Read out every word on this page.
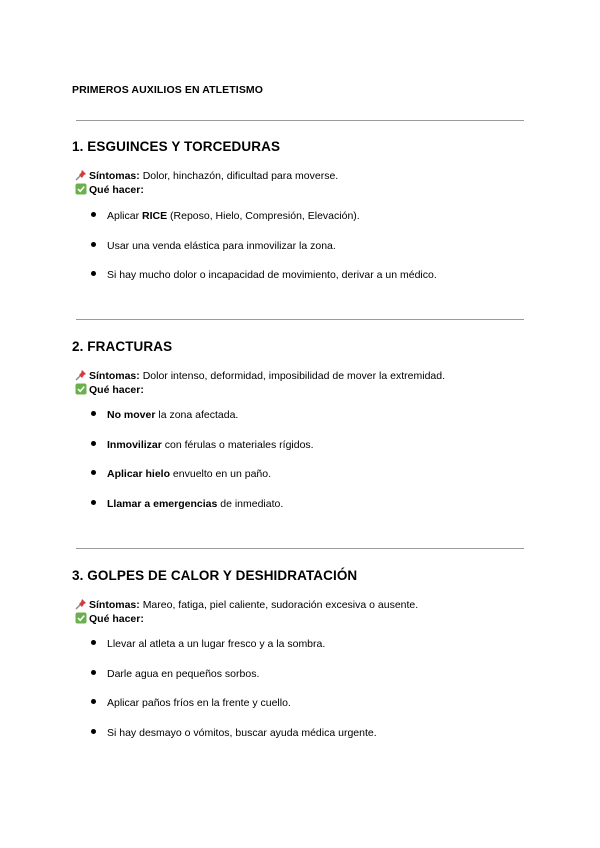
PRIMEROS AUXILIOS EN ATLETISMO
1. ESGUINCES Y TORCEDURAS
Síntomas: Dolor, hinchazón, dificultad para moverse.
Qué hacer:
Aplicar RICE (Reposo, Hielo, Compresión, Elevación).
Usar una venda elástica para inmovilizar la zona.
Si hay mucho dolor o incapacidad de movimiento, derivar a un médico.
2. FRACTURAS
Síntomas: Dolor intenso, deformidad, imposibilidad de mover la extremidad.
Qué hacer:
No mover la zona afectada.
Inmovilizar con férulas o materiales rígidos.
Aplicar hielo envuelto en un paño.
Llamar a emergencias de inmediato.
3. GOLPES DE CALOR Y DESHIDRATACIÓN
Síntomas: Mareo, fatiga, piel caliente, sudoración excesiva o ausente.
Qué hacer:
Llevar al atleta a un lugar fresco y a la sombra.
Darle agua en pequeños sorbos.
Aplicar paños fríos en la frente y cuello.
Si hay desmayo o vómitos, buscar ayuda médica urgente.
